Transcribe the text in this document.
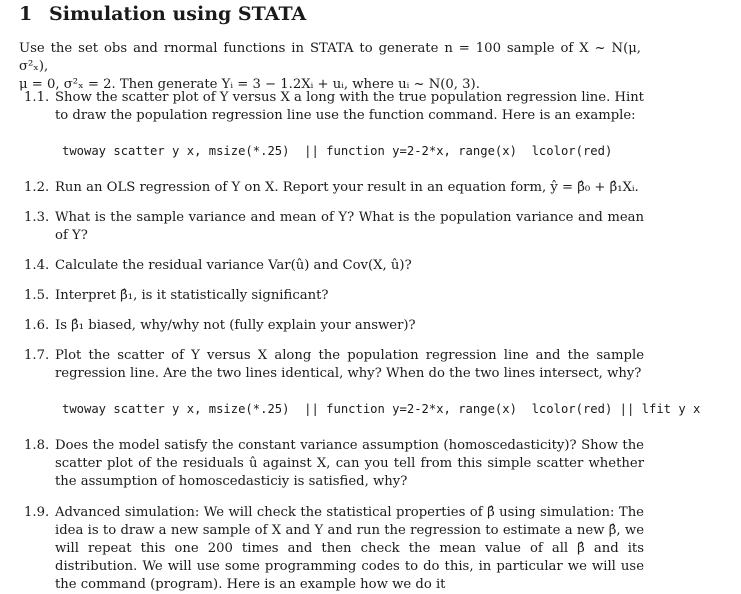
1 Simulation using STATA
Use the set obs and rnormal functions in STATA to generate n = 100 sample of X ~ N(μ, σ²ₓ),
μ = 0, σ²ₓ = 2. Then generate Yᵢ = 3 − 1.2Xᵢ + uᵢ, where uᵢ ~ N(0, 3).
1.1. Show the scatter plot of Y versus X a long with the true population regression line. Hint to draw the population regression line use the function command. Here is an example:
twoway scatter y x, msize(*.25)  || function y=2-2*x, range(x)  lcolor(red)
1.2. Run an OLS regression of Y on X. Report your result in an equation form, ŷ = β̂₀ + β̂₁Xᵢ.
1.3. What is the sample variance and mean of Y? What is the population variance and mean of Y?
1.4. Calculate the residual variance Var(û) and Cov(X, û)?
1.5. Interpret β̂₁, is it statistically significant?
1.6. Is β̂₁ biased, why/why not (fully explain your answer)?
1.7. Plot the scatter of Y versus X along the population regression line and the sample regression line. Are the two lines identical, why? When do the two lines intersect, why?
twoway scatter y x, msize(*.25)  || function y=2-2*x, range(x)  lcolor(red) || lfit y x
1.8. Does the model satisfy the constant variance assumption (homoscedasticity)? Show the scatter plot of the residuals û against X, can you tell from this simple scatter whether the assumption of homoscedasticiy is satisfied, why?
1.9. Advanced simulation: We will check the statistical properties of β̂ using simulation: The idea is to draw a new sample of X and Y and run the regression to estimate a new β̂, we will repeat this one 200 times and then check the mean value of all β̂ and its distribution. We will use some programming codes to do this, in particular we will use the command (program). Here is an example how we do it
